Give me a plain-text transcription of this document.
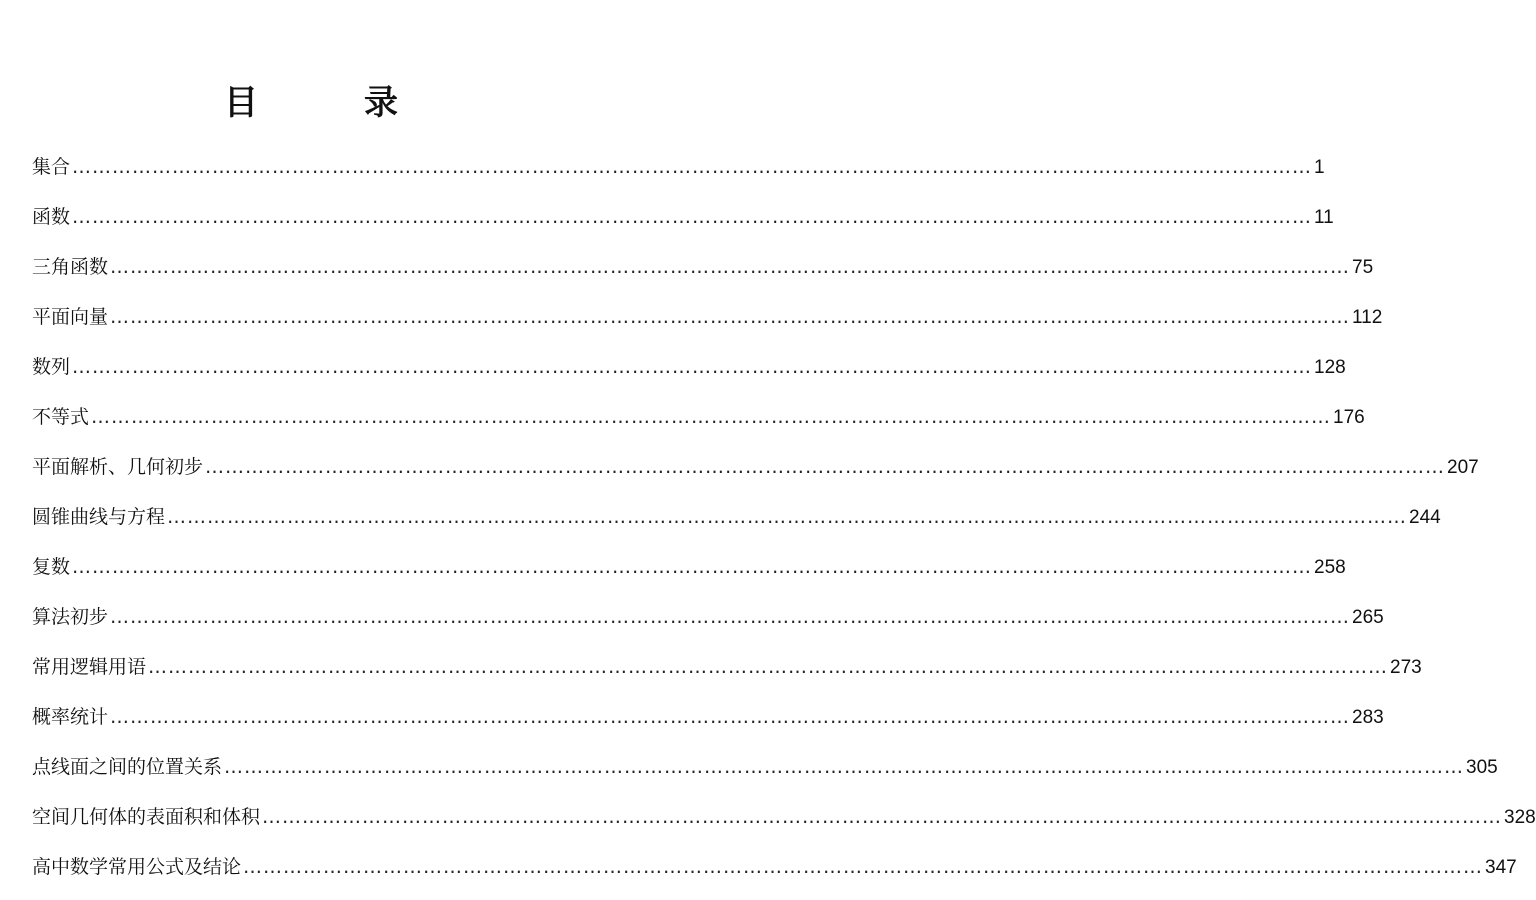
目　录
集合 …………………………………………………………………………………………………………………………………………………………………… 1
函数 …………………………………………………………………………………………………………………………………………………………………… 11
三角函数 …………………………………………………………………………………………………………………………………………………………………… 75
平面向量 …………………………………………………………………………………………………………………………………………………………………… 112
数列 …………………………………………………………………………………………………………………………………………………………………… 128
不等式 …………………………………………………………………………………………………………………………………………………………………… 176
平面解析、几何初步 …………………………………………………………………………………………………………………………………………………………………… 207
圆锥曲线与方程 …………………………………………………………………………………………………………………………………………………………………… 244
复数 …………………………………………………………………………………………………………………………………………………………………… 258
算法初步 …………………………………………………………………………………………………………………………………………………………………… 265
常用逻辑用语 …………………………………………………………………………………………………………………………………………………………………… 273
概率统计 …………………………………………………………………………………………………………………………………………………………………… 283
点线面之间的位置关系 …………………………………………………………………………………………………………………………………………………………………… 305
空间几何体的表面积和体积 …………………………………………………………………………………………………………………………………………………………………… 328
高中数学常用公式及结论 …………………………………………………………………………………………………………………………………………………………………… 347
